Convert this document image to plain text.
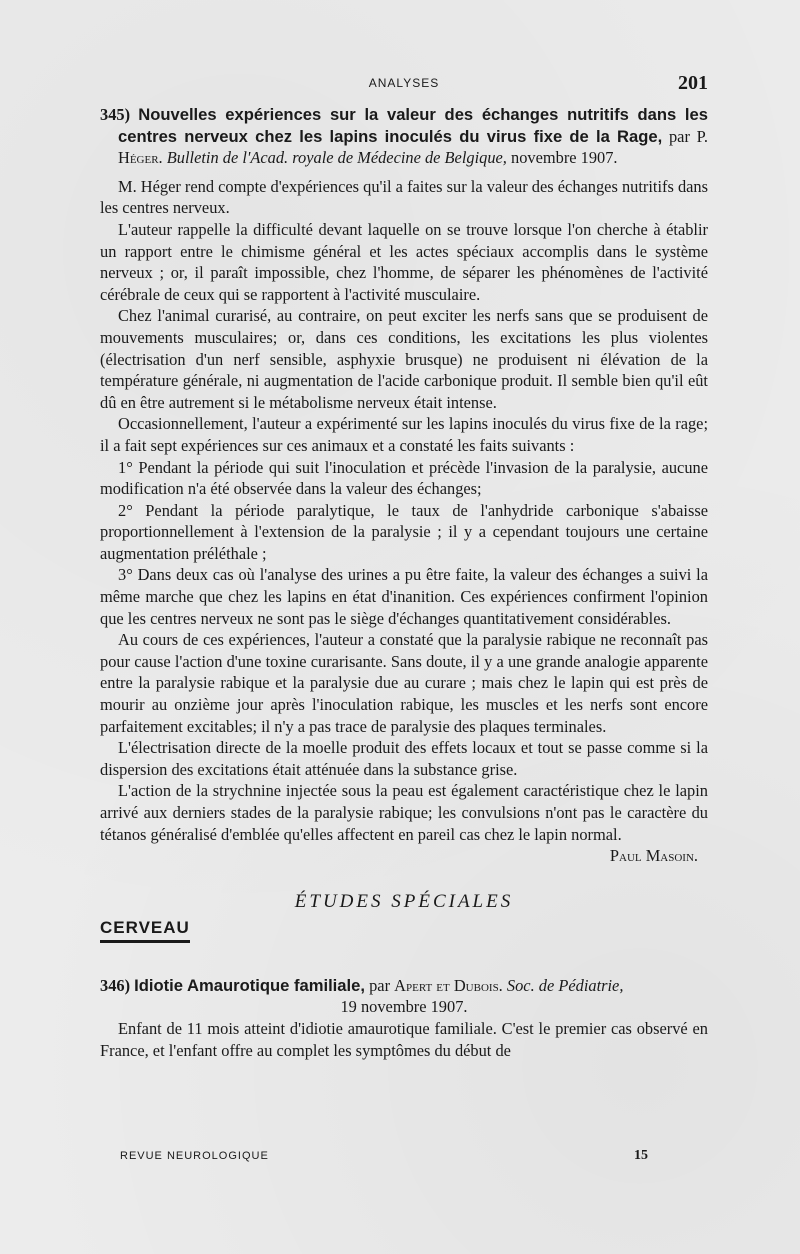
ANALYSES	201
345) Nouvelles expériences sur la valeur des échanges nutritifs dans les centres nerveux chez les lapins inoculés du virus fixe de la Rage, par P. Héger. Bulletin de l'Acad. royale de Médecine de Belgique, novembre 1907.

M. Héger rend compte d'expériences qu'il a faites sur la valeur des échanges nutritifs dans les centres nerveux.

L'auteur rappelle la difficulté devant laquelle on se trouve lorsque l'on cherche à établir un rapport entre le chimisme général et les actes spéciaux accomplis dans le système nerveux ; or, il paraît impossible, chez l'homme, de séparer les phénomènes de l'activité cérébrale de ceux qui se rapportent à l'activité musculaire.

Chez l'animal curarisé, au contraire, on peut exciter les nerfs sans que se produisent de mouvements musculaires; or, dans ces conditions, les excitations les plus violentes (électrisation d'un nerf sensible, asphyxie brusque) ne produisent ni élévation de la température générale, ni augmentation de l'acide carbonique produit. Il semble bien qu'il eût dû en être autrement si le métabolisme nerveux était intense.

Occasionnellement, l'auteur a expérimenté sur les lapins inoculés du virus fixe de la rage; il a fait sept expériences sur ces animaux et a constaté les faits suivants :

1° Pendant la période qui suit l'inoculation et précède l'invasion de la paralysie, aucune modification n'a été observée dans la valeur des échanges;

2° Pendant la période paralytique, le taux de l'anhydride carbonique s'abaisse proportionnellement à l'extension de la paralysie ; il y a cependant toujours une certaine augmentation préléthale ;

3° Dans deux cas où l'analyse des urines a pu être faite, la valeur des échanges a suivi la même marche que chez les lapins en état d'inanition. Ces expériences confirment l'opinion que les centres nerveux ne sont pas le siège d'échanges quantitativement considérables.

Au cours de ces expériences, l'auteur a constaté que la paralysie rabique ne reconnaît pas pour cause l'action d'une toxine curarisante. Sans doute, il y a une grande analogie apparente entre la paralysie rabique et la paralysie due au curare ; mais chez le lapin qui est près de mourir au onzième jour après l'inoculation rabique, les muscles et les nerfs sont encore parfaitement excitables; il n'y a pas trace de paralysie des plaques terminales.

L'électrisation directe de la moelle produit des effets locaux et tout se passe comme si la dispersion des excitations était atténuée dans la substance grise.

L'action de la strychnine injectée sous la peau est également caractéristique chez le lapin arrivé aux derniers stades de la paralysie rabique; les convulsions n'ont pas le caractère du tétanos généralisé d'emblée qu'elles affectent en pareil cas chez le lapin normal.

Paul Masoin.
ÉTUDES SPÉCIALES
CERVEAU
346) Idiotie Amaurotique familiale, par Apert et Dubois. Soc. de Pédiatrie,
19 novembre 1907.

Enfant de 11 mois atteint d'idiotie amaurotique familiale. C'est le premier cas observé en France, et l'enfant offre au complet les symptômes du début de

REVUE NEUROLOGIQUE	15
